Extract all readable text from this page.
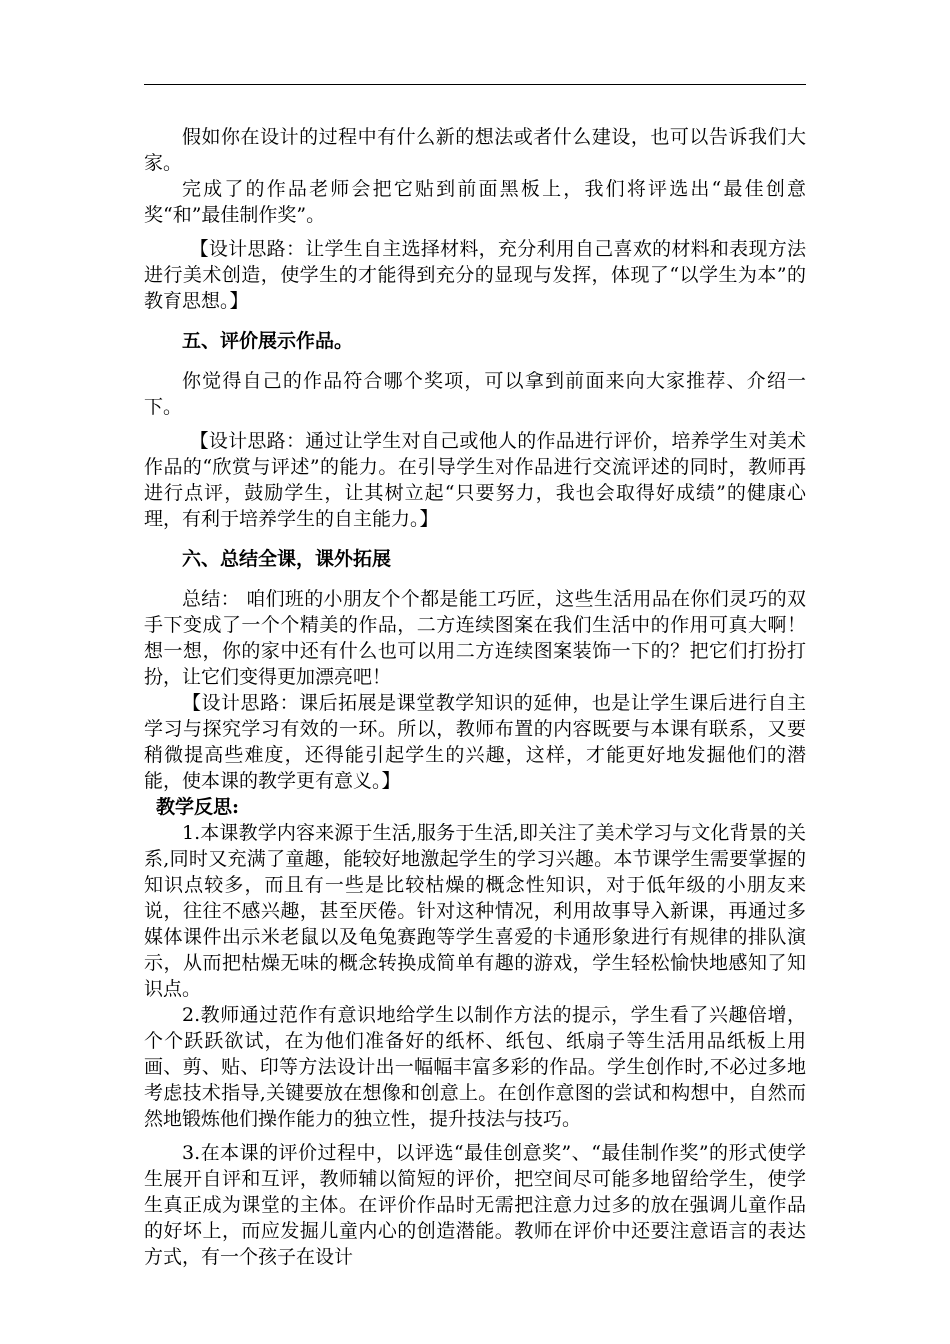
假如你在设计的过程中有什么新的想法或者什么建设，也可以告诉我们大家。

完成了的作品老师会把它贴到前面黑板上，我们将评选出“最佳创意奖“和”最佳制作奖”。

【设计思路：让学生自主选择材料，充分利用自己喜欢的材料和表现方法进行美术创造，使学生的才能得到充分的显现与发挥，体现了“以学生为本”的教育思想。】

五、评价展示作品。

你觉得自己的作品符合哪个奖项，可以拿到前面来向大家推荐、介绍一下。

【设计思路：通过让学生对自己或他人的作品进行评价，培养学生对美术作品的“欣赏与评述”的能力。在引导学生对作品进行交流评述的同时，教师再进行点评，鼓励学生，让其树立起“只要努力，我也会取得好成绩”的健康心理，有利于培养学生的自主能力。】

六、总结全课，课外拓展

总结： 咱们班的小朋友个个都是能工巧匠，这些生活用品在你们灵巧的双手下变成了一个个精美的作品，二方连续图案在我们生活中的作用可真大啊！想一想，你的家中还有什么也可以用二方连续图案装饰一下的？把它们打扮打扮，让它们变得更加漂亮吧！

【设计思路：课后拓展是课堂教学知识的延伸，也是让学生课后进行自主学习与探究学习有效的一环。所以，教师布置的内容既要与本课有联系，又要稍微提高些难度，还得能引起学生的兴趣，这样，才能更好地发掘他们的潜能，使本课的教学更有意义。】

教学反思:

1.本课教学内容来源于生活,服务于生活,即关注了美术学习与文化背景的关系,同时又充满了童趣，能较好地激起学生的学习兴趣。本节课学生需要掌握的知识点较多，而且有一些是比较枯燥的概念性知识，对于低年级的小朋友来说，往往不感兴趣，甚至厌倦。针对这种情况，利用故事导入新课，再通过多媒体课件出示米老鼠以及龟兔赛跑等学生喜爱的卡通形象进行有规律的排队演示，从而把枯燥无味的概念转换成简单有趣的游戏，学生轻松愉快地感知了知识点。

2.教师通过范作有意识地给学生以制作方法的提示，学生看了兴趣倍增，个个跃跃欲试，在为他们准备好的纸杯、纸包、纸扇子等生活用品纸板上用画、剪、贴、印等方法设计出一幅幅丰富多彩的作品。学生创作时,不必过多地考虑技术指导,关键要放在想像和创意上。在创作意图的尝试和构想中，自然而然地锻炼他们操作能力的独立性，提升技法与技巧。

3.在本课的评价过程中，以评选“最佳创意奖”、“最佳制作奖”的形式使学生展开自评和互评，教师辅以简短的评价，把空间尽可能多地留给学生，使学生真正成为课堂的主体。在评价作品时无需把注意力过多的放在强调儿童作品的好坏上，而应发掘儿童内心的创造潜能。教师在评价中还要注意语言的表达方式，有一个孩子在设计
